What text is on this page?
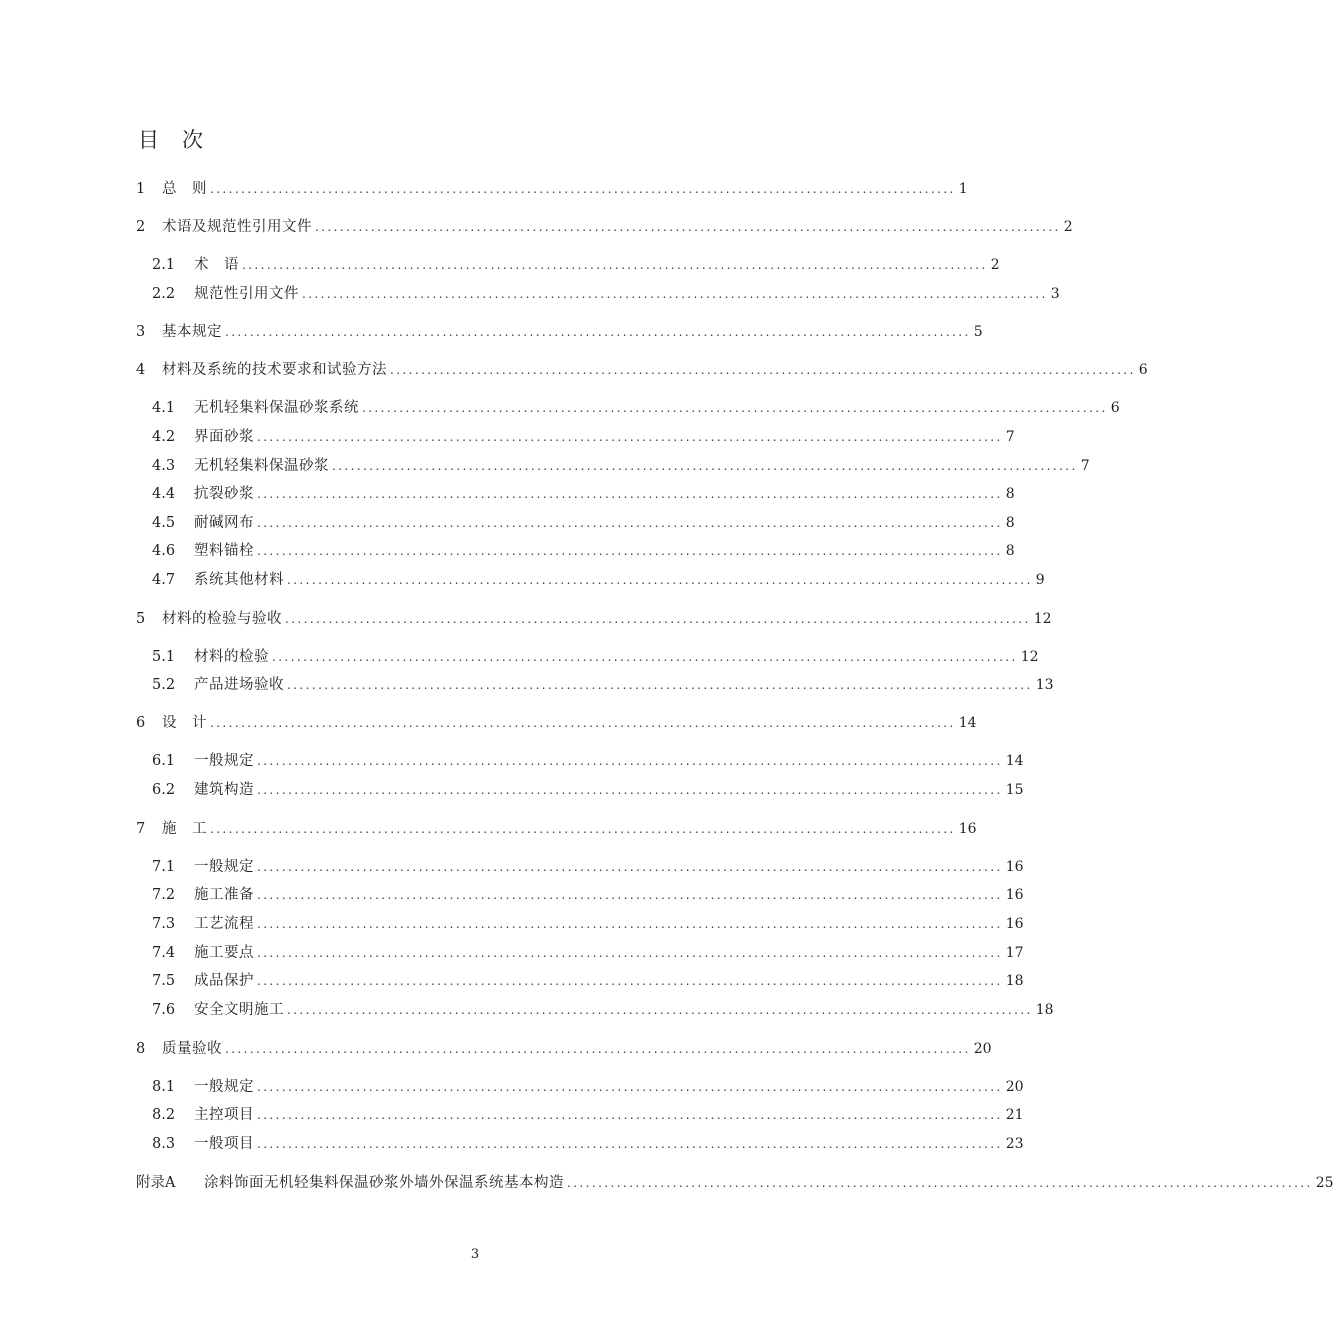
目　次
1	总　则 ........................................................................................................................ 1
2	术语及规范性引用文件 ........................................................................................................................ 2
2.1	术　语 ........................................................................................................................ 2
2.2	规范性引用文件 ........................................................................................................................ 3
3	基本规定 ........................................................................................................................ 5
4	材料及系统的技术要求和试验方法 ........................................................................................................................ 6
4.1	无机轻集料保温砂浆系统 ........................................................................................................................ 6
4.2	界面砂浆 ........................................................................................................................ 7
4.3	无机轻集料保温砂浆 ........................................................................................................................ 7
4.4	抗裂砂浆 ........................................................................................................................ 8
4.5	耐碱网布 ........................................................................................................................ 8
4.6	塑料锚栓 ........................................................................................................................ 8
4.7	系统其他材料 ........................................................................................................................ 9
5	材料的检验与验收 ........................................................................................................................ 12
5.1	材料的检验 ........................................................................................................................ 12
5.2	产品进场验收 ........................................................................................................................ 13
6	设　计 ........................................................................................................................ 14
6.1	一般规定 ........................................................................................................................ 14
6.2	建筑构造 ........................................................................................................................ 15
7	施　工 ........................................................................................................................ 16
7.1	一般规定 ........................................................................................................................ 16
7.2	施工准备 ........................................................................................................................ 16
7.3	工艺流程 ........................................................................................................................ 16
7.4	施工要点 ........................................................................................................................ 17
7.5	成品保护 ........................................................................................................................ 18
7.6	安全文明施工 ........................................................................................................................ 18
8	质量验收 ........................................................................................................................ 20
8.1	一般规定 ........................................................................................................................ 20
8.2	主控项目 ........................................................................................................................ 21
8.3	一般项目 ........................................................................................................................ 23
附录A	涂料饰面无机轻集料保温砂浆外墙外保温系统基本构造 ........................................................................................................................ 25
3
